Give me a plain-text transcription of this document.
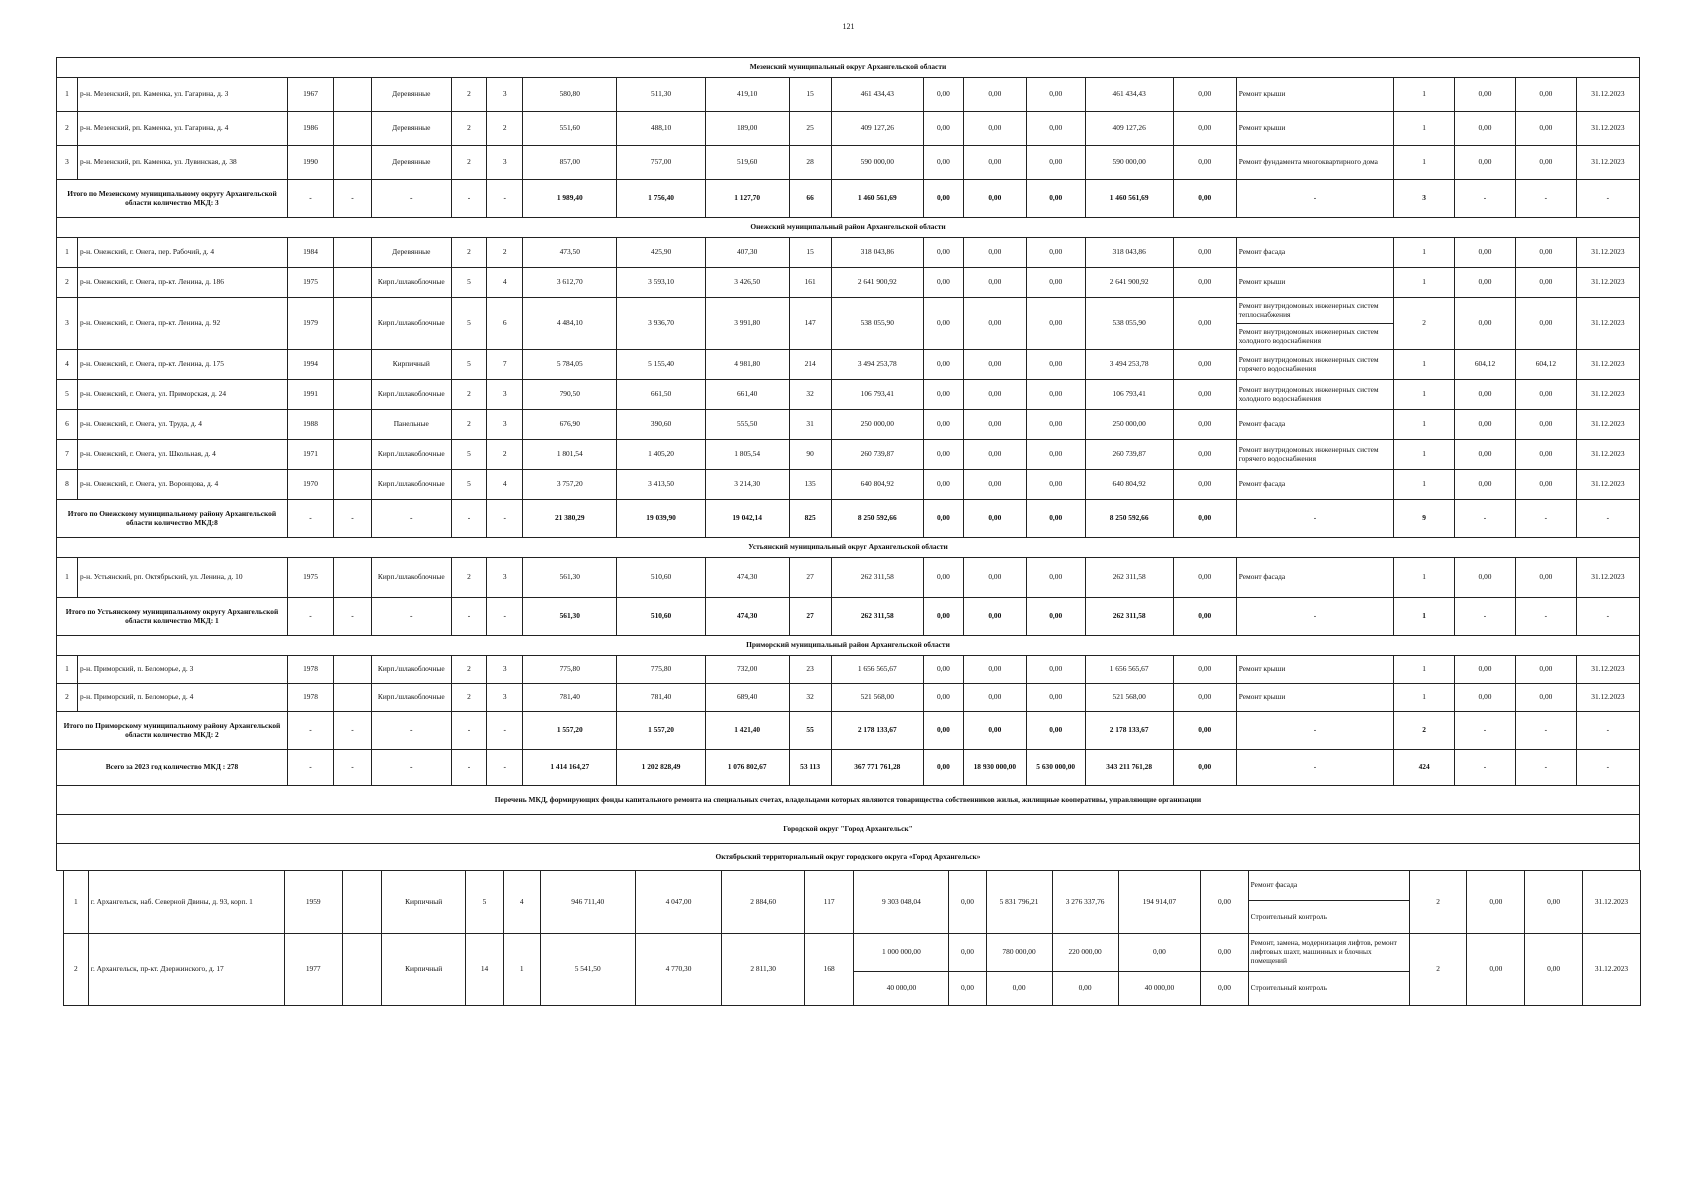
121
Мезенский муниципальный округ Архангельской области																					
1	р-н. Мезенский, рп. Каменка, ул. Гагарина, д. 3	1967		Деревянные	2	3	580,80	511,30	419,10	15	461 434,43	0,00	0,00	0,00	461 434,43	0,00	Ремонт крыши	1	0,00	0,00	31.12.2023
2	р-н. Мезенский, рп. Каменка, ул. Гагарина, д. 4	1986		Деревянные	2	2	551,60	488,10	189,00	25	409 127,26	0,00	0,00	0,00	409 127,26	0,00	Ремонт крыши	1	0,00	0,00	31.12.2023
3	р-н. Мезенский, рп. Каменка, ул. Лувинская, д. 38	1990		Деревянные	2	3	857,00	757,00	519,60	28	590 000,00	0,00	0,00	0,00	590 000,00	0,00	Ремонт фундамента многоквартирного дома	1	0,00	0,00	31.12.2023
Итого по Мезенскому муниципальному округу Архангельской области количество МКД: 3		-	-	-	-	-	1 989,40	1 756,40	1 127,70	66	1 460 561,69	0,00	0,00	0,00	1 460 561,69	0,00	-	3	-	-	-
Онежский муниципальный район Архангельской области																					
1	р-н. Онежский, г. Онега, пер. Рабочий, д. 4	1984		Деревянные	2	2	473,50	425,90	407,30	15	318 043,86	0,00	0,00	0,00	318 043,86	0,00	Ремонт фасада	1	0,00	0,00	31.12.2023
2	р-н. Онежский, г. Онега, пр-кт. Ленина, д. 186	1975		Кирп./шлакоблочные	5	4	3 612,70	3 593,10	3 426,50	161	2 641 900,92	0,00	0,00	0,00	2 641 900,92	0,00	Ремонт крыши	1	0,00	0,00	31.12.2023
3	р-н. Онежский, г. Онега, пр-кт. Ленина, д. 92	1979		Кирп./шлакоблочные	5	6	4 484,10	3 936,70	3 991,80	147	538 055,90	0,00	0,00	0,00	538 055,90	0,00	Ремонт внутридомовых инженерных систем теплоснабжения	2	0,00	0,00	31.12.2023
																	Ремонт внутридомовых инженерных систем холодного водоснабжения				
4	р-н. Онежский, г. Онега, пр-кт. Ленина, д. 175	1994		Кирпичный	5	7	5 784,05	5 155,40	4 981,80	214	3 494 253,78	0,00	0,00	0,00	3 494 253,78	0,00	Ремонт внутридомовых инженерных систем горячего водоснабжения	1	604,12	604,12	31.12.2023
5	р-н. Онежский, г. Онега, ул. Приморская, д. 24	1991		Кирп./шлакоблочные	2	3	790,50	661,50	661,40	32	106 793,41	0,00	0,00	0,00	106 793,41	0,00	Ремонт внутридомовых инженерных систем холодного водоснабжения	1	0,00	0,00	31.12.2023
6	р-н. Онежский, г. Онега, ул. Труда, д. 4	1988		Панельные	2	3	676,90	390,60	555,50	31	250 000,00	0,00	0,00	0,00	250 000,00	0,00	Ремонт фасада	1	0,00	0,00	31.12.2023
7	р-н. Онежский, г. Онега, ул. Школьная, д. 4	1971		Кирп./шлакоблочные	5	2	1 801,54	1 405,20	1 805,54	90	260 739,87	0,00	0,00	0,00	260 739,87	0,00	Ремонт внутридомовых инженерных систем горячего водоснабжения	1	0,00	0,00	31.12.2023
8	р-н. Онежский, г. Онега, ул. Воронцова, д. 4	1970		Кирп./шлакоблочные	5	4	3 757,20	3 413,50	3 214,30	135	640 804,92	0,00	0,00	0,00	640 804,92	0,00	Ремонт фасада	1	0,00	0,00	31.12.2023
Итого по Онежскому муниципальному району Архангельской области количество МКД:8		-	-	-	-	-	21 380,29	19 039,90	19 042,14	825	8 250 592,66	0,00	0,00	0,00	8 250 592,66	0,00	-	9	-	-	-
Устьянский муниципальный округ Архангельской области																					
1	р-н. Устьянский, рп. Октябрьский, ул. Ленина, д. 10	1975		Кирп./шлакоблочные	2	3	561,30	510,60	474,30	27	262 311,58	0,00	0,00	0,00	262 311,58	0,00	Ремонт фасада	1	0,00	0,00	31.12.2023
Итого по Устьянскому муниципальному округу Архангельской области количество МКД: 1		-	-	-	-	-	561,30	510,60	474,30	27	262 311,58	0,00	0,00	0,00	262 311,58	0,00	-	1	-	-	-
Приморский муниципальный район Архангельской области																					
1	р-н. Приморский, п. Беломорье, д. 3	1978		Кирп./шлакоблочные	2	3	775,80	775,80	732,00	23	1 656 565,67	0,00	0,00	0,00	1 656 565,67	0,00	Ремонт крыши	1	0,00	0,00	31.12.2023
2	р-н. Приморский, п. Беломорье, д. 4	1978		Кирп./шлакоблочные	2	3	781,40	781,40	689,40	32	521 568,00	0,00	0,00	0,00	521 568,00	0,00	Ремонт крыши	1	0,00	0,00	31.12.2023
Итого по Приморскому муниципальному району Архангельской области количество МКД: 2		-	-	-	-	-	1 557,20	1 557,20	1 421,40	55	2 178 133,67	0,00	0,00	0,00	2 178 133,67	0,00	-	2	-	-	-
Всего за 2023 год количество МКД : 278		-	-	-	-	-	1 414 164,27	1 202 828,49	1 076 802,67	53 113	367 771 761,28	0,00	18 930 000,00	5 630 000,00	343 211 761,28	0,00	-	424	-	-	-
Перечень МКД, формирующих фонды капитального ремонта на специальных счетах, владельцами которых являются товарищества собственников жилья, жилищные кооперативы, управляющие организации																					
Городской округ "Город Архангельск"																					
Октябрьский территориальный округ городского округа «Город Архангельск»																					
1	г. Архангельск, наб. Северной Двины, д. 93, корп. 1	1959		Кирпичный	5	4	946 711,40	4 047,00	2 884,60	117	9 303 048,04	0,00	5 831 796,21	3 276 337,76	194 914,07	0,00	Ремонт фасада	2	0,00	0,00	31.12.2023
																	Строительный контроль				
2	г. Архангельск, пр-кт. Дзержинского, д. 17	1977		Кирпичный	14	1	5 541,50	4 770,30	2 811,30	168	1 000 000,00	0,00	780 000,00	220 000,00	0,00	0,00	Ремонт, замена, модернизация лифтов, ремонт лифтовых шахт, машинных и блочных помещений	2	0,00	0,00	31.12.2023
											40 000,00	0,00	0,00	0,00	40 000,00	0,00	Строительный контроль				
